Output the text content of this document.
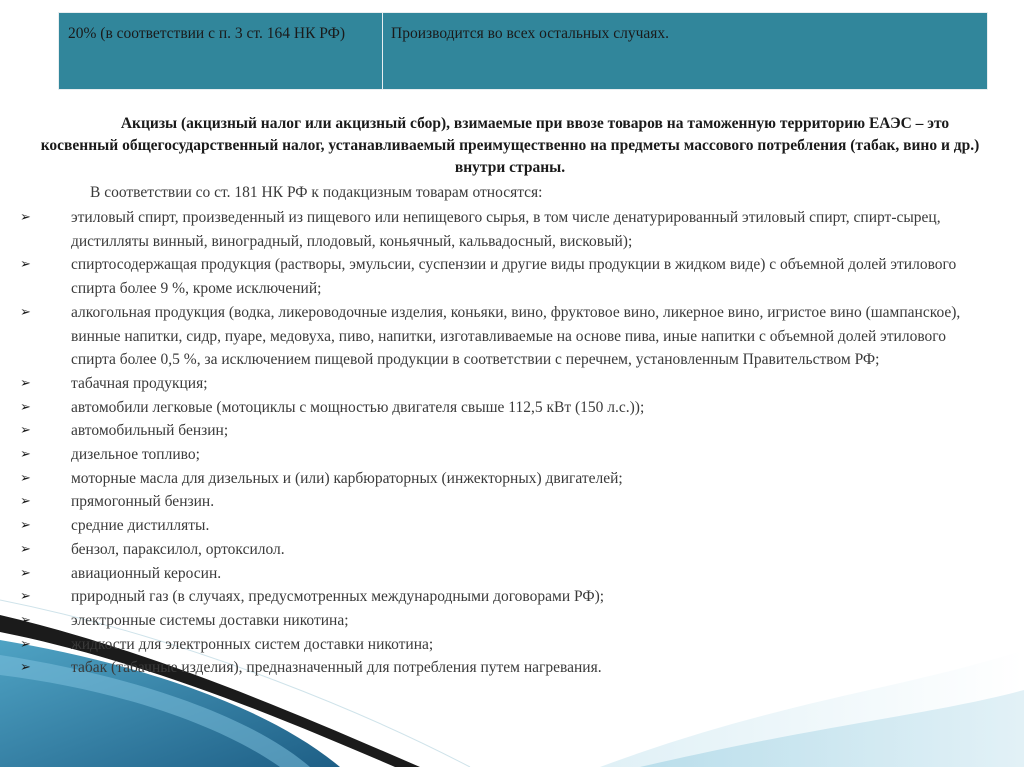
20% (в соответствии с п. 3 ст. 164 НК РФ)	Производится во всех остальных случаях.
Акцизы (акцизный налог или акцизный сбор), взимаемые при ввозе товаров на таможенную территорию ЕАЭС – это косвенный общегосударственный налог, устанавливаемый преимущественно на предметы массового потребления (табак, вино и др.) внутри страны.
В соответствии со ст. 181 НК РФ к подакцизным товарам относятся:
➢	этиловый спирт, произведенный из пищевого или непищевого сырья, в том числе денатурированный этиловый спирт, спирт-сырец, дистилляты винный, виноградный, плодовый, коньячный, кальвадосный, висковый);
➢	спиртосодержащая продукция (растворы, эмульсии, суспензии и другие виды продукции в жидком виде) с объемной долей этилового спирта более 9 %, кроме исключений;
➢	алкогольная продукция (водка, ликероводочные изделия, коньяки, вино, фруктовое вино, ликерное вино, игристое вино (шампанское), винные напитки, сидр, пуаре, медовуха, пиво, напитки, изготавливаемые на основе пива, иные напитки с объемной долей этилового спирта более 0,5 %, за исключением пищевой продукции в соответствии с перечнем, установленным Правительством РФ;
➢	табачная продукция;
➢	автомобили легковые (мотоциклы с мощностью двигателя свыше 112,5 кВт (150 л.с.));
➢	автомобильный бензин;
➢	дизельное топливо;
➢	моторные масла для дизельных и (или) карбюраторных (инжекторных) двигателей;
➢	прямогонный бензин.
➢	средние дистилляты.
➢	бензол, параксилол, ортоксилол.
➢	авиационный керосин.
➢	природный газ (в случаях, предусмотренных международными договорами РФ);
➢	электронные системы доставки никотина;
➢	жидкости для электронных систем доставки никотина;
➢	табак (табачные изделия), предназначенный для потребления путем нагревания.
